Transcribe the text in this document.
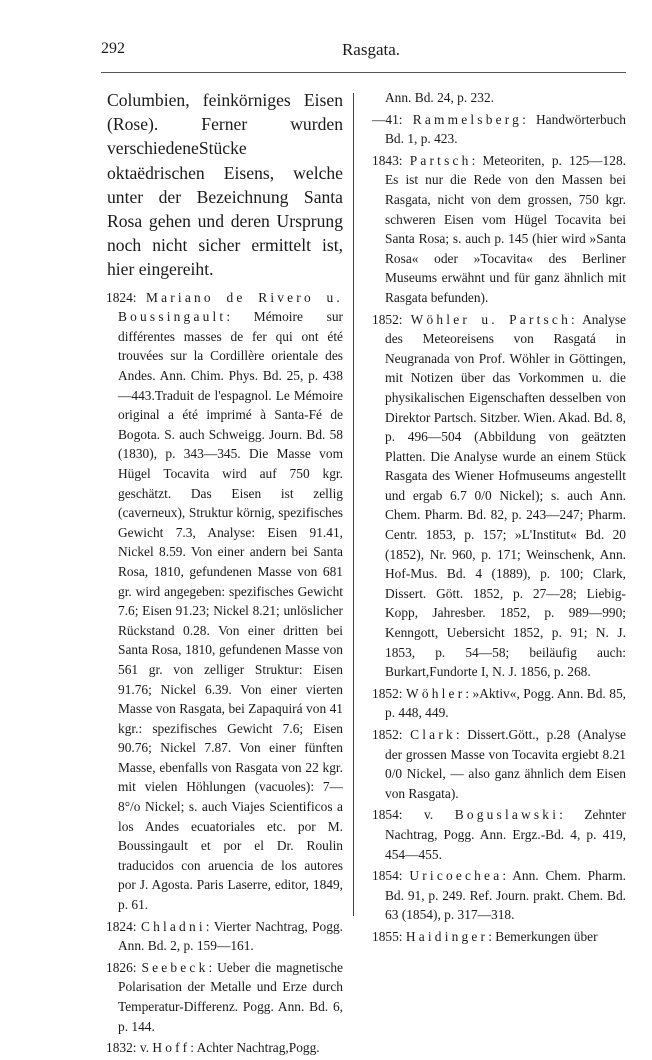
292	Rasgata.

Columbien, feinkörniges Eisen (Rose). Ferner wurden verschiedeneStücke oktaëdrischen Eisens, welche unter der Bezeichnung Santa Rosa gehen und deren Ursprung noch nicht sicher ermittelt ist, hier eingereiht.

1824: Mariano de Rivero u. Boussingault: Mémoire sur différentes masses de fer qui ont été trouvées sur la Cordillère orientale des Andes. Ann. Chim. Phys. Bd. 25, p. 438—443.Traduit de l'espagnol. Le Mémoire original a été imprimé à Santa-Fé de Bogota. S. auch Schweigg. Journ. Bd. 58 (1830), p. 343—345. Die Masse vom Hügel Tocavita wird auf 750 kgr. geschätzt. Das Eisen ist zellig (caverneux), Struktur körnig, spezifisches Gewicht 7.3, Analyse: Eisen 91.41, Nickel 8.59. Von einer andern bei Santa Rosa, 1810, gefundenen Masse von 681 gr. wird angegeben: spezifisches Gewicht 7.6; Eisen 91.23; Nickel 8.21; unlöslicher Rückstand 0.28. Von einer dritten bei Santa Rosa, 1810, gefundenen Masse von 561 gr. von zelliger Struktur: Eisen 91.76; Nickel 6.39. Von einer vierten Masse von Rasgata, bei Zapaquirá von 41 kgr.: spezifisches Gewicht 7.6; Eisen 90.76; Nickel 7.87. Von einer fünften Masse, ebenfalls von Rasgata von 22 kgr. mit vielen Höhlungen (vacuoles): 7—8°/o Nickel; s. auch Viajes Scientificos a los Andes ecuatoriales etc. por M. Boussingault et por el Dr. Roulin traducidos con aruencia de los autores por J. Agosta. Paris Laserre, editor, 1849, p. 61.

1824: Chladni: Vierter Nachtrag, Pogg. Ann. Bd. 2, p. 159—161.

1826: Seebeck: Ueber die magnetische Polarisation der Metalle und Erze durch Temperatur-Differenz. Pogg. Ann. Bd. 6, p. 144.

1832: v. Hoff: Achter Nachtrag,Pogg.

Ann. Bd. 24, p. 232.

—41: Rammelsberg: Handwörterbuch Bd. 1, p. 423.

1843: Partsch: Meteoriten, p. 125—128. Es ist nur die Rede von den Massen bei Rasgata, nicht von dem grossen, 750 kgr. schweren Eisen vom Hügel Tocavita bei Santa Rosa; s. auch p. 145 (hier wird »Santa Rosa« oder »Tocavita« des Berliner Museums erwähnt und für ganz ähnlich mit Rasgata befunden).

1852: Wöhler u. Partsch: Analyse des Meteoreisens von Rasgatá in Neugranada von Prof. Wöhler in Göttingen, mit Notizen über das Vorkommen u. die physikalischen Eigenschaften desselben von Direktor Partsch. Sitzber. Wien. Akad. Bd. 8, p. 496—504 (Abbildung von geätzten Platten. Die Analyse wurde an einem Stück Rasgata des Wiener Hofmuseums angestellt und ergab 6.7 0/0 Nickel); s. auch Ann. Chem. Pharm. Bd. 82, p. 243—247; Pharm. Centr. 1853, p. 157; »L'Institut« Bd. 20 (1852), Nr. 960, p. 171; Weinschenk, Ann. Hof-Mus. Bd. 4 (1889), p. 100; Clark, Dissert. Gött. 1852, p. 27—28; Liebig-Kopp, Jahresber. 1852, p. 989—990; Kenngott, Uebersicht 1852, p. 91; N. J. 1853, p. 54—58; beiläufig auch: Burkart,Fundorte I, N. J. 1856, p. 268.

1852: Wöhler: »Aktiv«, Pogg. Ann. Bd. 85, p. 448, 449.

1852: Clark: Dissert.Gött., p.28 (Analyse der grossen Masse von Tocavita ergiebt 8.21 0/0 Nickel, — also ganz ähnlich dem Eisen von Rasgata).

1854: v. Boguslawski: Zehnter Nachtrag, Pogg. Ann. Ergz.-Bd. 4, p. 419, 454—455.

1854: Uricoechea: Ann. Chem. Pharm. Bd. 91, p. 249. Ref. Journ. prakt. Chem. Bd. 63 (1854), p. 317—318.

1855: Haidinger: Bemerkungen über
